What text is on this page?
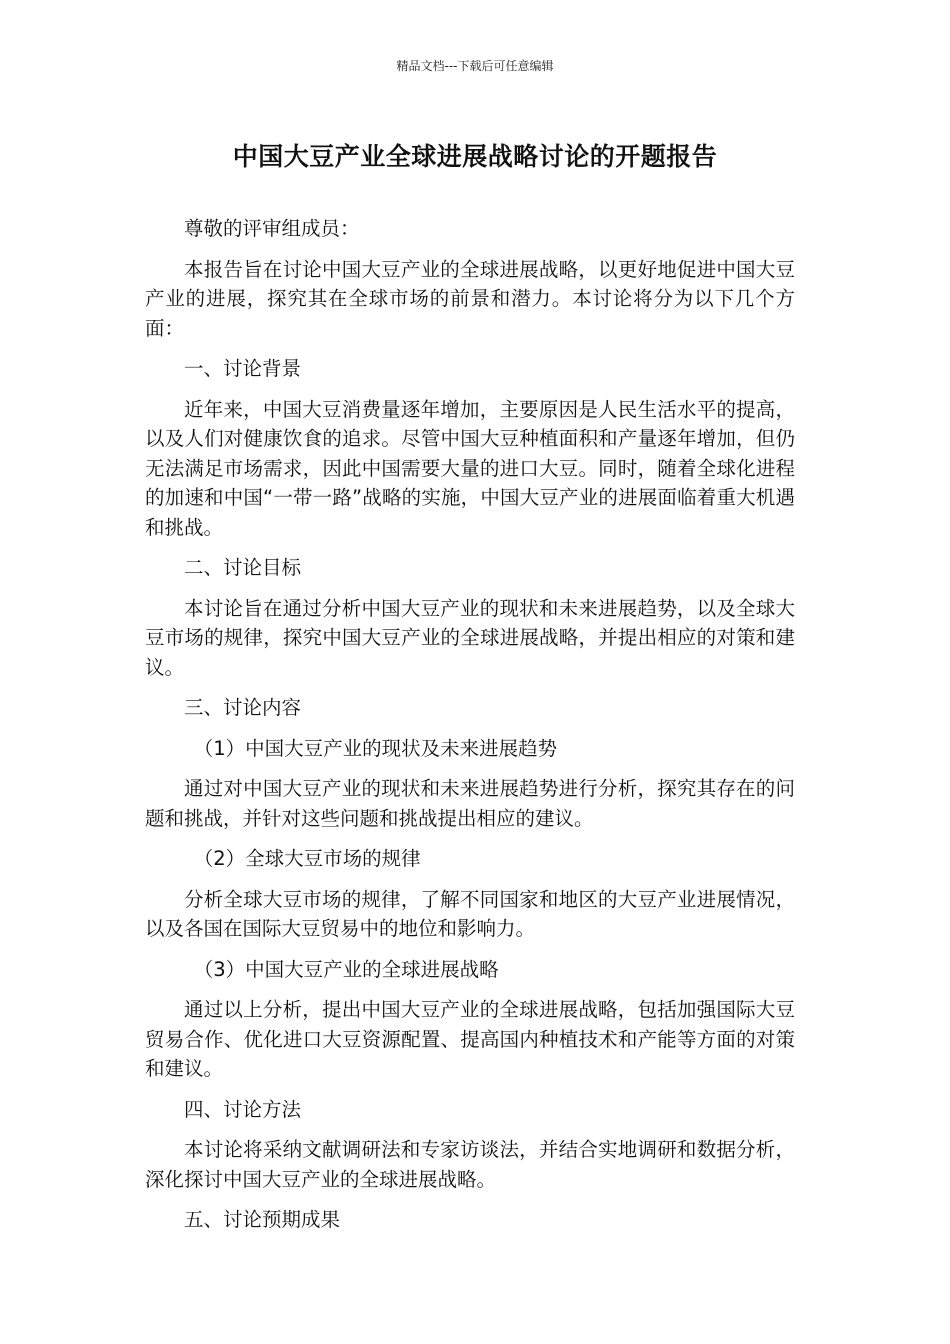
精品文档---下载后可任意编辑
中国大豆产业全球进展战略讨论的开题报告

尊敬的评审组成员：

本报告旨在讨论中国大豆产业的全球进展战略，以更好地促进中国大豆产业的进展，探究其在全球市场的前景和潜力。本讨论将分为以下几个方面：

一、讨论背景

近年来，中国大豆消费量逐年增加，主要原因是人民生活水平的提高，以及人们对健康饮食的追求。尽管中国大豆种植面积和产量逐年增加，但仍无法满足市场需求，因此中国需要大量的进口大豆。同时，随着全球化进程的加速和中国“一带一路”战略的实施，中国大豆产业的进展面临着重大机遇和挑战。

二、讨论目标

本讨论旨在通过分析中国大豆产业的现状和未来进展趋势，以及全球大豆市场的规律，探究中国大豆产业的全球进展战略，并提出相应的对策和建议。

三、讨论内容

（1）中国大豆产业的现状及未来进展趋势

通过对中国大豆产业的现状和未来进展趋势进行分析，探究其存在的问题和挑战，并针对这些问题和挑战提出相应的建议。

（2）全球大豆市场的规律

分析全球大豆市场的规律，了解不同国家和地区的大豆产业进展情况，以及各国在国际大豆贸易中的地位和影响力。

（3）中国大豆产业的全球进展战略

通过以上分析，提出中国大豆产业的全球进展战略，包括加强国际大豆贸易合作、优化进口大豆资源配置、提高国内种植技术和产能等方面的对策和建议。

四、讨论方法

本讨论将采纳文献调研法和专家访谈法，并结合实地调研和数据分析，深化探讨中国大豆产业的全球进展战略。

五、讨论预期成果
